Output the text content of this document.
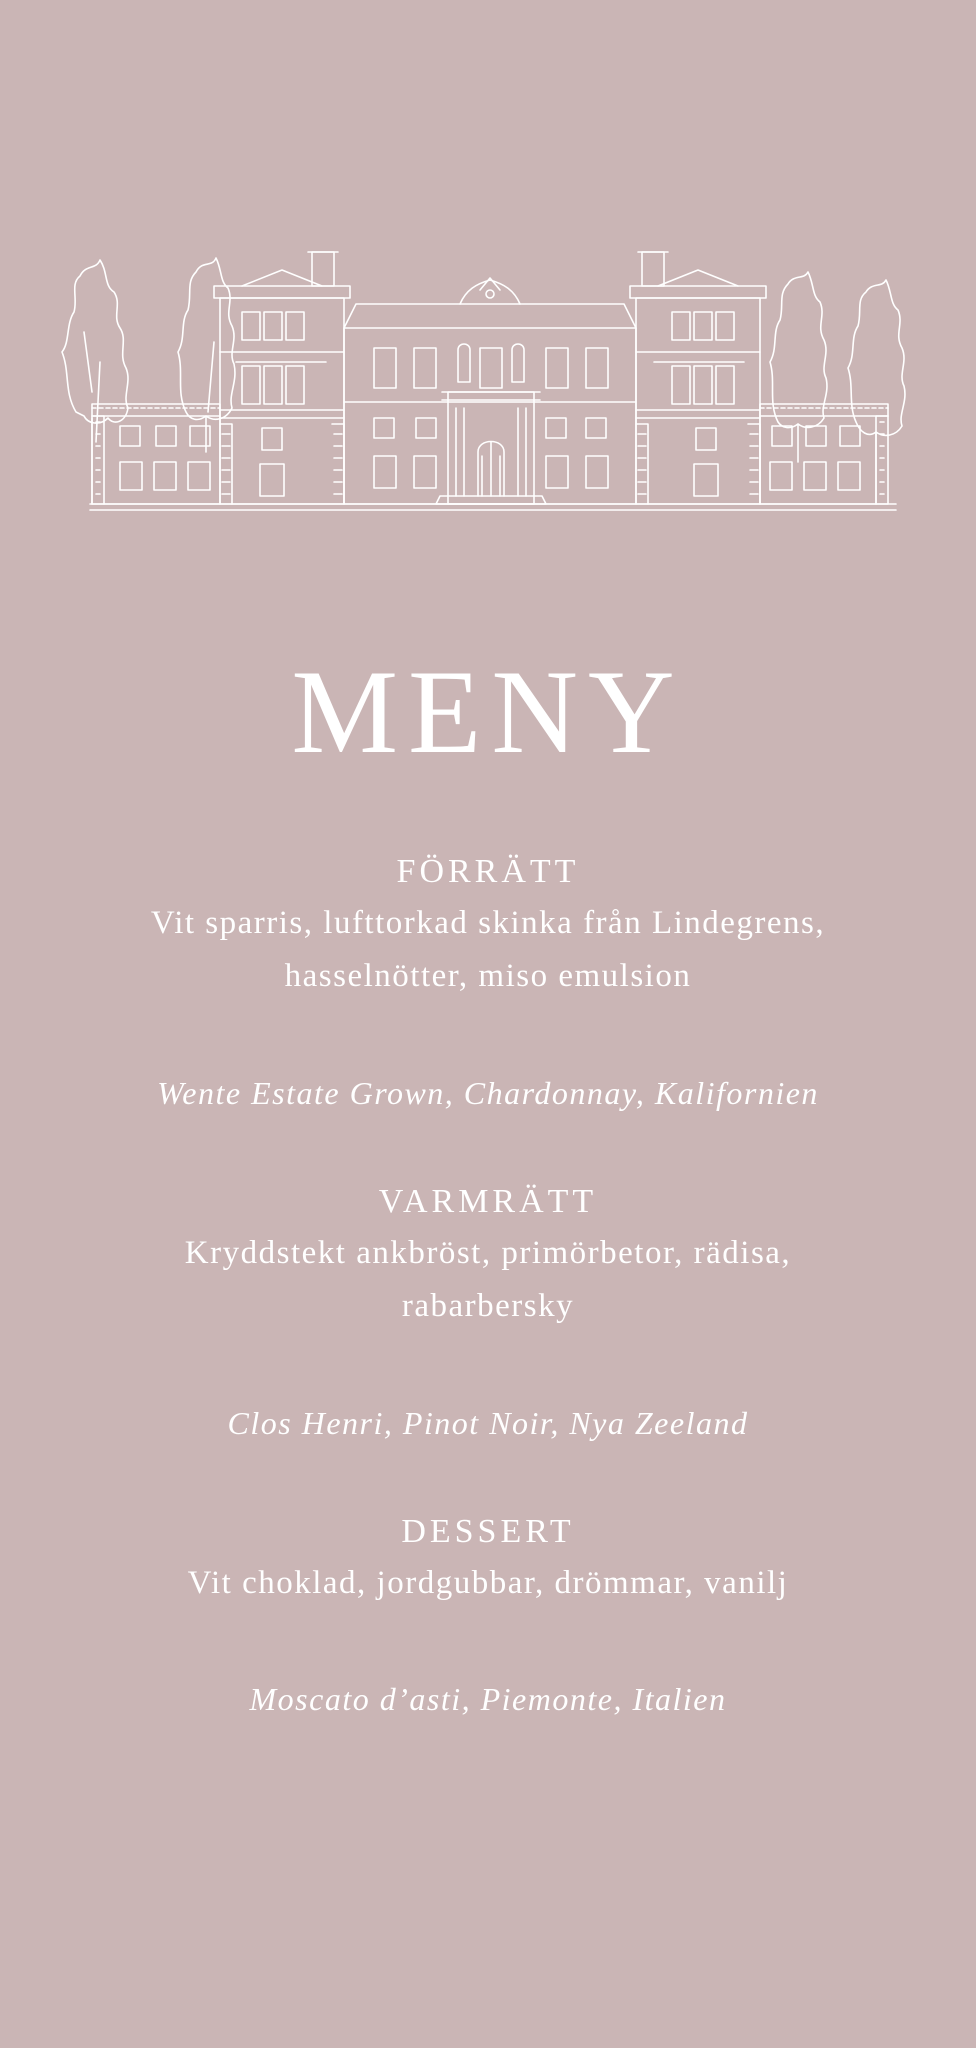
MENY
FÖRRÄTT
Vit sparris, lufttorkad skinka från Lindegrens,
hasselnötter, miso emulsion
Wente Estate Grown, Chardonnay, Kalifornien
VARMRÄTT
Kryddstekt ankbröst, primörbetor, rädisa,
rabarbersky
Clos Henri, Pinot Noir, Nya Zeeland
DESSERT
Vit choklad, jordgubbar, drömmar, vanilj
Moscato d’asti, Piemonte, Italien
